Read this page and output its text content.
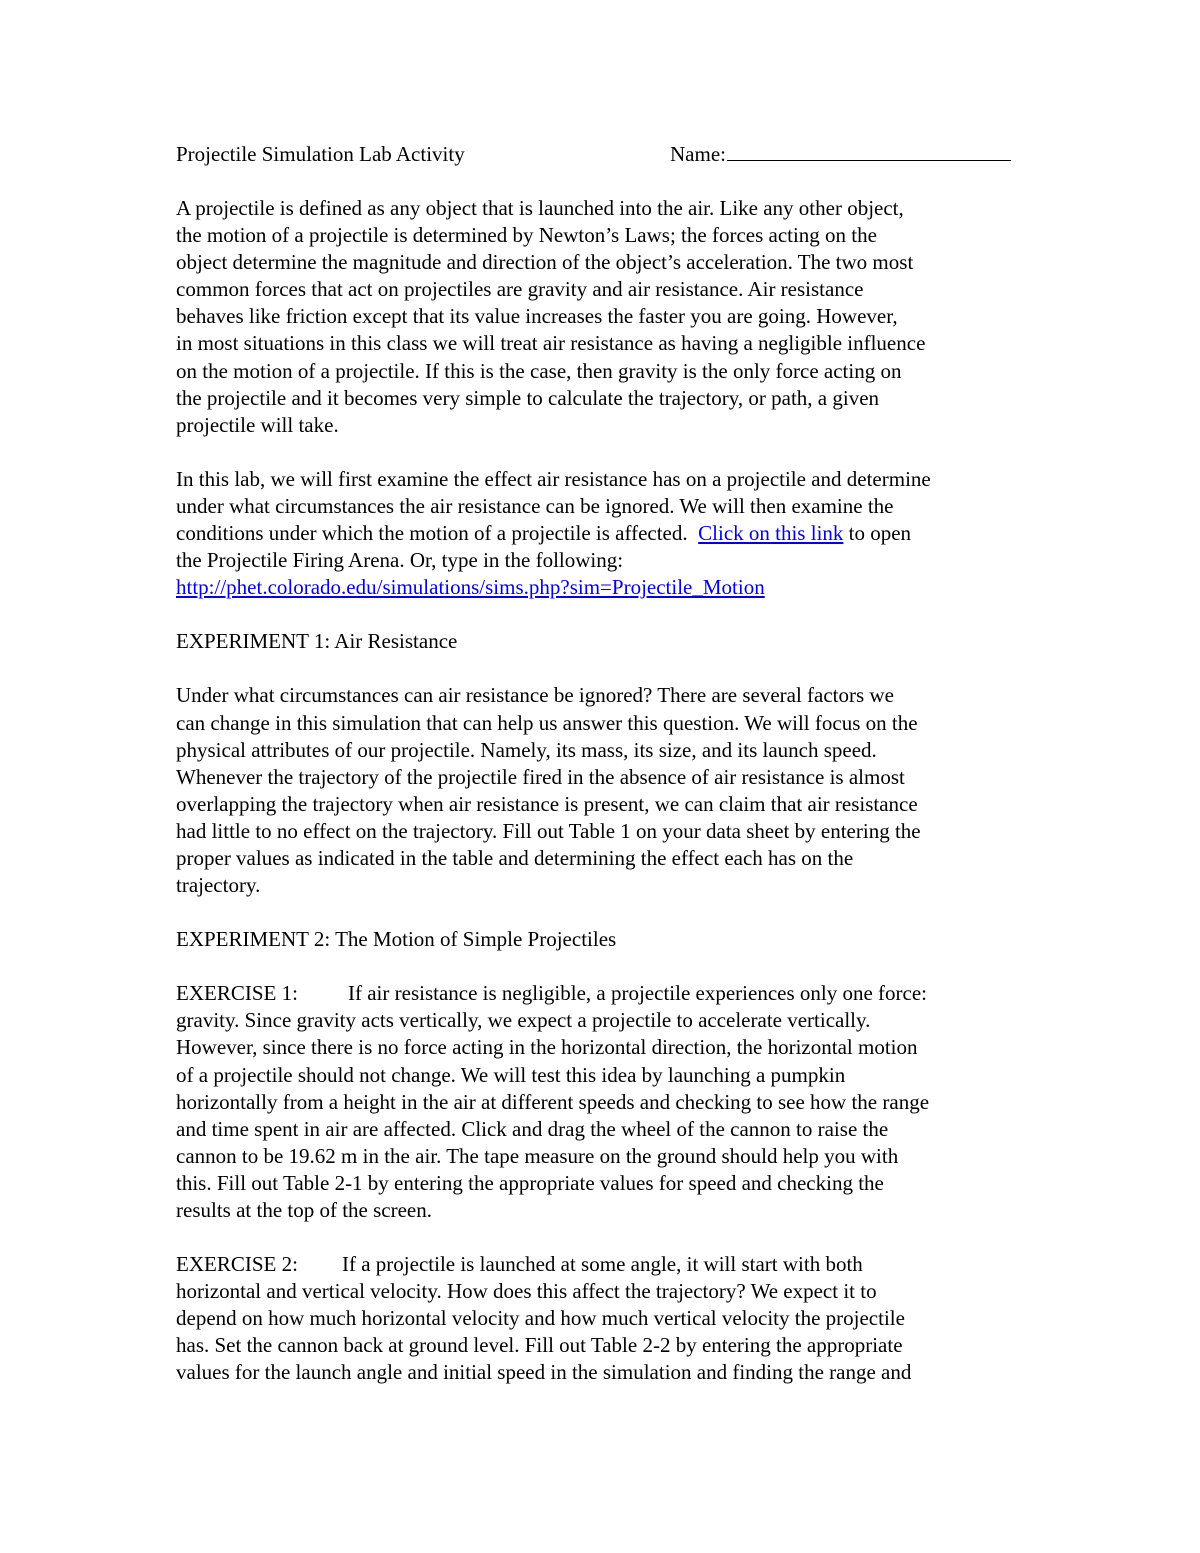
Projectile Simulation Lab Activity	Name:

A projectile is defined as any object that is launched into the air. Like any other object,
the motion of a projectile is determined by Newton’s Laws; the forces acting on the
object determine the magnitude and direction of the object’s acceleration. The two most
common forces that act on projectiles are gravity and air resistance. Air resistance
behaves like friction except that its value increases the faster you are going. However,
in most situations in this class we will treat air resistance as having a negligible influence
on the motion of a projectile. If this is the case, then gravity is the only force acting on
the projectile and it becomes very simple to calculate the trajectory, or path, a given
projectile will take.

In this lab, we will first examine the effect air resistance has on a projectile and determine
under what circumstances the air resistance can be ignored. We will then examine the
conditions under which the motion of a projectile is affected.  Click on this link to open
the Projectile Firing Arena. Or, type in the following:
http://phet.colorado.edu/simulations/sims.php?sim=Projectile_Motion

EXPERIMENT 1: Air Resistance

Under what circumstances can air resistance be ignored? There are several factors we
can change in this simulation that can help us answer this question. We will focus on the
physical attributes of our projectile. Namely, its mass, its size, and its launch speed.
Whenever the trajectory of the projectile fired in the absence of air resistance is almost
overlapping the trajectory when air resistance is present, we can claim that air resistance
had little to no effect on the trajectory. Fill out Table 1 on your data sheet by entering the
proper values as indicated in the table and determining the effect each has on the
trajectory.

EXPERIMENT 2: The Motion of Simple Projectiles

EXERCISE 1: If air resistance is negligible, a projectile experiences only one force:
gravity. Since gravity acts vertically, we expect a projectile to accelerate vertically.
However, since there is no force acting in the horizontal direction, the horizontal motion
of a projectile should not change. We will test this idea by launching a pumpkin
horizontally from a height in the air at different speeds and checking to see how the range
and time spent in air are affected. Click and drag the wheel of the cannon to raise the
cannon to be 19.62 m in the air. The tape measure on the ground should help you with
this. Fill out Table 2-1 by entering the appropriate values for speed and checking the
results at the top of the screen.

EXERCISE 2: If a projectile is launched at some angle, it will start with both
horizontal and vertical velocity. How does this affect the trajectory? We expect it to
depend on how much horizontal velocity and how much vertical velocity the projectile
has. Set the cannon back at ground level. Fill out Table 2-2 by entering the appropriate
values for the launch angle and initial speed in the simulation and finding the range and
